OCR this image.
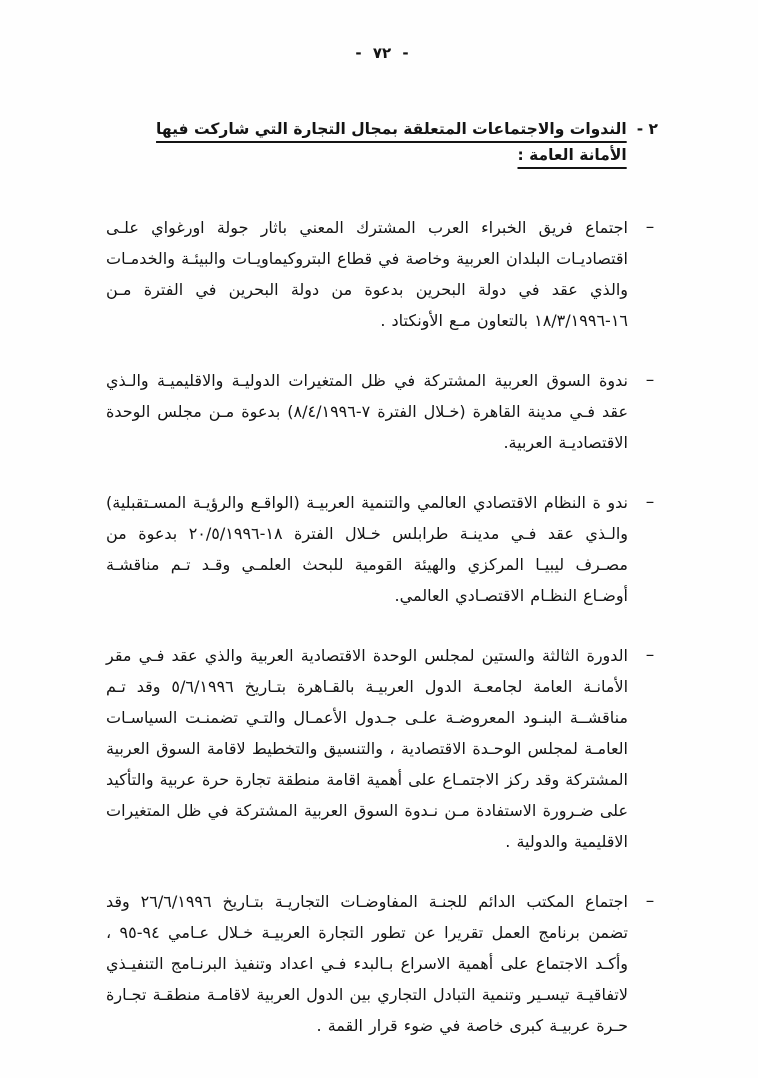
- ٧٢ -
٢ -
الندوات والاجتماعات المتعلقة بمجال التجارة التي شاركت فيها الأمانة العامة :
–

اجتماع فريق الخبراء العرب المشترك المعني باثار جولة اورغواي علـى اقتصاديـات البلدان العربية وخاصة في قطاع البتروكيماويـات والبيئـة والخدمـات والذي عقد في دولة البحرين بدعوة من دولة البحرين في الفترة مـن ١٦-١٨/٣/١٩٩٦ بالتعاون مـع الأونكتاد .

–

ندوة السوق العربية المشتركة في ظل المتغيرات الدوليـة والاقليميـة والـذي عقد فـي مدينة القاهرة (خـلال الفترة ٧-٨/٤/١٩٩٦) بدعوة مـن مجلس الوحدة الاقتصاديـة العربية.

–

ندو ة النظام الاقتصادي العالمي والتنمية العربيـة (الواقـع والرؤيـة المسـتقبلية) والـذي عقد فـي مدينـة طرابلس خـلال الفترة ١٨-٢٠/٥/١٩٩٦ بدعوة من مصـرف ليبيـا المركزي والهيئة القومية للبحث العلمـي وقـد تـم مناقشـة أوضـاع النظـام الاقتصـادي العالمي.

–

الدورة الثالثة والستين لمجلس الوحدة الاقتصادية العربية والذي عقد فـي مقر الأمانـة العامة لجامعـة الدول العربيـة بالقـاهرة بتـاريخ ٥/٦/١٩٩٦ وقد تـم مناقشــة البنـود المعروضـة علـى جـدول الأعمـال والتـي تضمنـت السياسـات العامـة لمجلس الوحـدة الاقتصادية ، والتنسيق والتخطيط لاقامة السوق العربية المشتركة وقد ركز الاجتمـاع على أهمية اقامة منطقة تجارة حرة عربية والتأكيد على ضـرورة الاستفادة مـن نـدوة السوق العربية المشتركة في ظل المتغيرات الاقليمية والدولية .

–

اجتماع المكتب الدائم للجنـة المفاوضـات التجاريـة بتـاريخ ٢٦/٦/١٩٩٦ وقد تضمن برنامج العمل تقريرا عن تطور التجارة العربيـة خـلال عـامي ٩٤-٩٥ ، وأكـد الاجتماع على أهمية الاسراع بـالبدء فـي اعداد وتنفيذ البرنـامج التنفيـذي لاتفاقيـة تيسـير وتنمية التبادل التجاري بين الدول العربية لاقامـة منطقـة تجـارة حـرة عربيـة كبرى خاصة في ضوء قرار القمة .
